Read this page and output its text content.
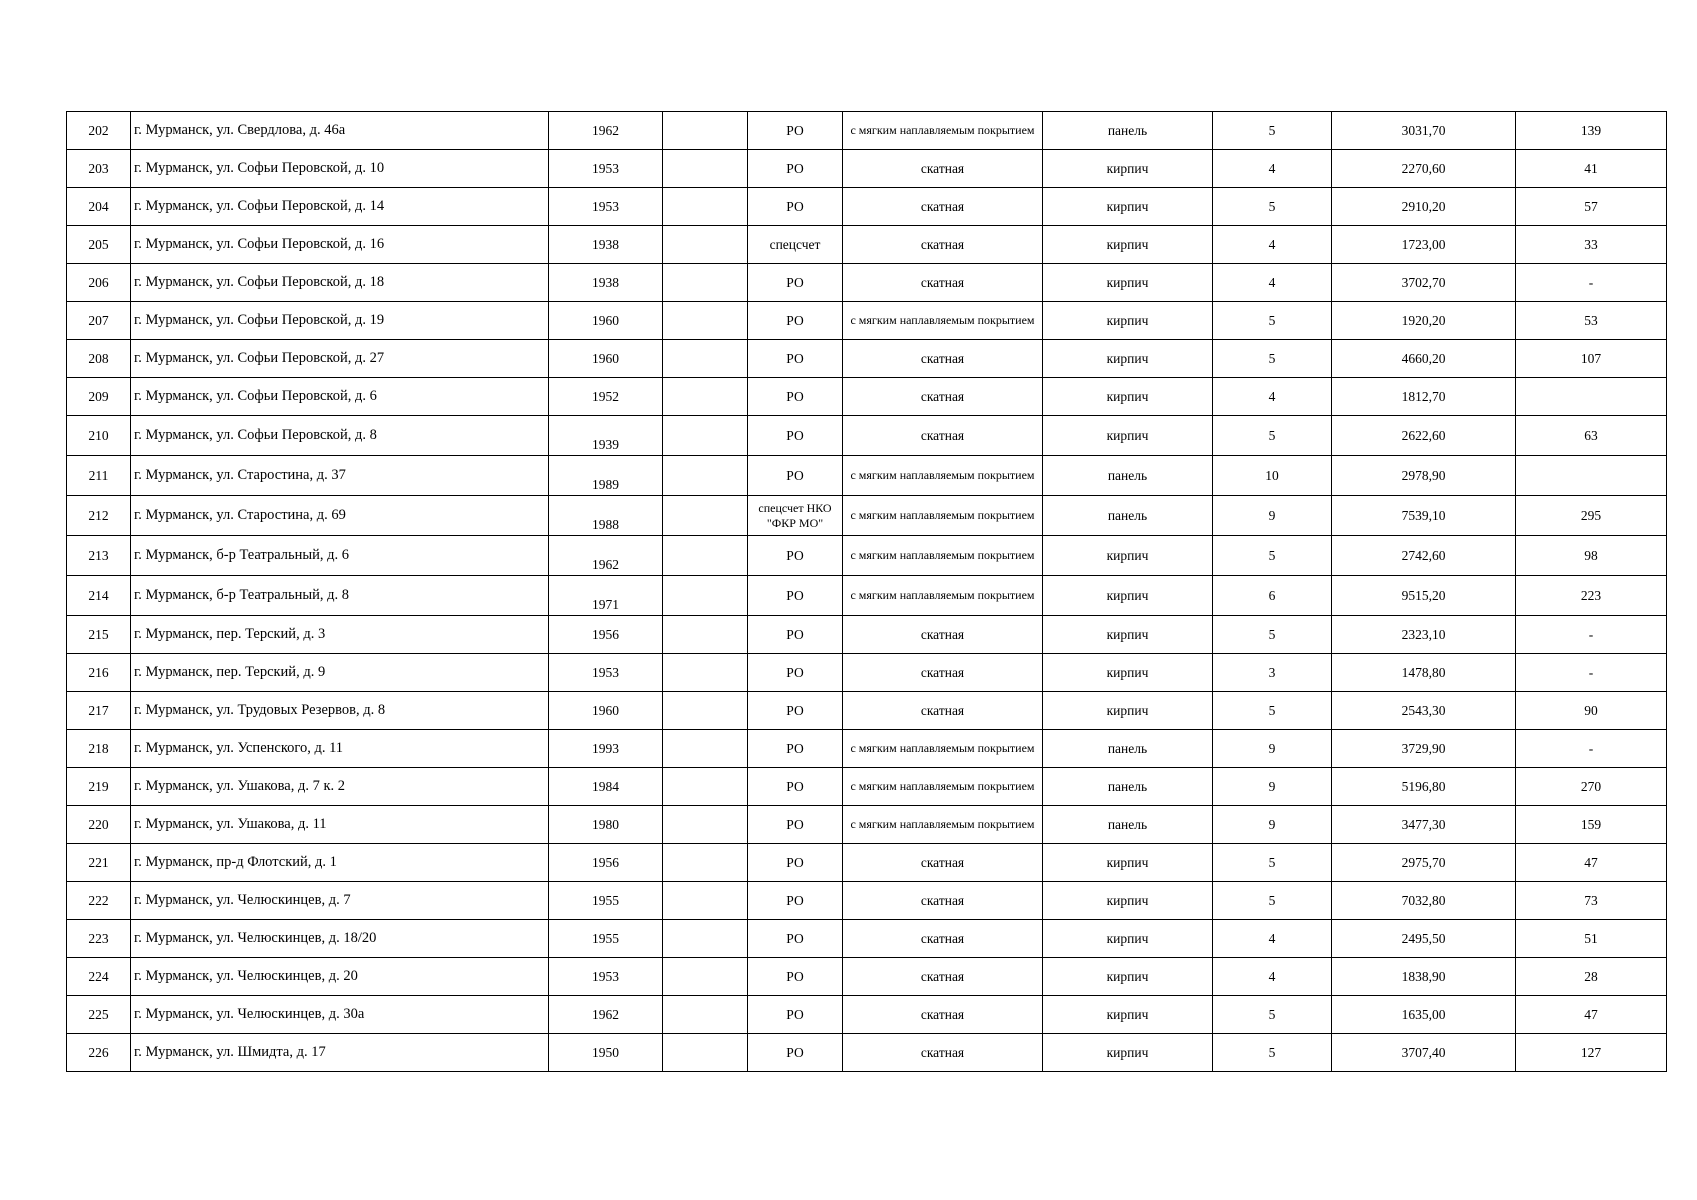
202	г. Мурманск, ул. Свердлова, д. 46а	1962		РО	с мягким наплавляемым покрытием	панель	5	3031,70	139
203	г. Мурманск, ул. Софьи Перовской, д. 10	1953		РО	скатная	кирпич	4	2270,60	41
204	г. Мурманск, ул. Софьи Перовской, д. 14	1953		РО	скатная	кирпич	5	2910,20	57
205	г. Мурманск, ул. Софьи Перовской, д. 16	1938		спецсчет	скатная	кирпич	4	1723,00	33
206	г. Мурманск, ул. Софьи Перовской, д. 18	1938		РО	скатная	кирпич	4	3702,70	-
207	г. Мурманск, ул. Софьи Перовской, д. 19	1960		РО	с мягким наплавляемым покрытием	кирпич	5	1920,20	53
208	г. Мурманск, ул. Софьи Перовской, д. 27	1960		РО	скатная	кирпич	5	4660,20	107
209	г. Мурманск, ул. Софьи Перовской, д. 6	1952		РО	скатная	кирпич	4	1812,70	
210	г. Мурманск, ул. Софьи Перовской, д. 8	1939		РО	скатная	кирпич	5	2622,60	63
211	г. Мурманск, ул. Старостина, д. 37	1989		РО	с мягким наплавляемым покрытием	панель	10	2978,90	
212	г. Мурманск, ул. Старостина, д. 69	1988		спецсчет НКО "ФКР МО"	с мягким наплавляемым покрытием	панель	9	7539,10	295
213	г. Мурманск, б-р Театральный, д. 6	1962		РО	с мягким наплавляемым покрытием	кирпич	5	2742,60	98
214	г. Мурманск, б-р Театральный, д. 8	1971		РО	с мягким наплавляемым покрытием	кирпич	6	9515,20	223
215	г. Мурманск, пер. Терский, д. 3	1956		РО	скатная	кирпич	5	2323,10	-
216	г. Мурманск, пер. Терский, д. 9	1953		РО	скатная	кирпич	3	1478,80	-
217	г. Мурманск, ул. Трудовых Резервов, д. 8	1960		РО	скатная	кирпич	5	2543,30	90
218	г. Мурманск, ул. Успенского, д. 11	1993		РО	с мягким наплавляемым покрытием	панель	9	3729,90	-
219	г. Мурманск, ул. Ушакова, д. 7 к. 2	1984		РО	с мягким наплавляемым покрытием	панель	9	5196,80	270
220	г. Мурманск, ул. Ушакова, д. 11	1980		РО	с мягким наплавляемым покрытием	панель	9	3477,30	159
221	г. Мурманск, пр-д Флотский, д. 1	1956		РО	скатная	кирпич	5	2975,70	47
222	г. Мурманск, ул. Челюскинцев, д. 7	1955		РО	скатная	кирпич	5	7032,80	73
223	г. Мурманск, ул. Челюскинцев, д. 18/20	1955		РО	скатная	кирпич	4	2495,50	51
224	г. Мурманск, ул. Челюскинцев, д. 20	1953		РО	скатная	кирпич	4	1838,90	28
225	г. Мурманск, ул. Челюскинцев, д. 30а	1962		РО	скатная	кирпич	5	1635,00	47
226	г. Мурманск, ул. Шмидта, д. 17	1950		РО	скатная	кирпич	5	3707,40	127
